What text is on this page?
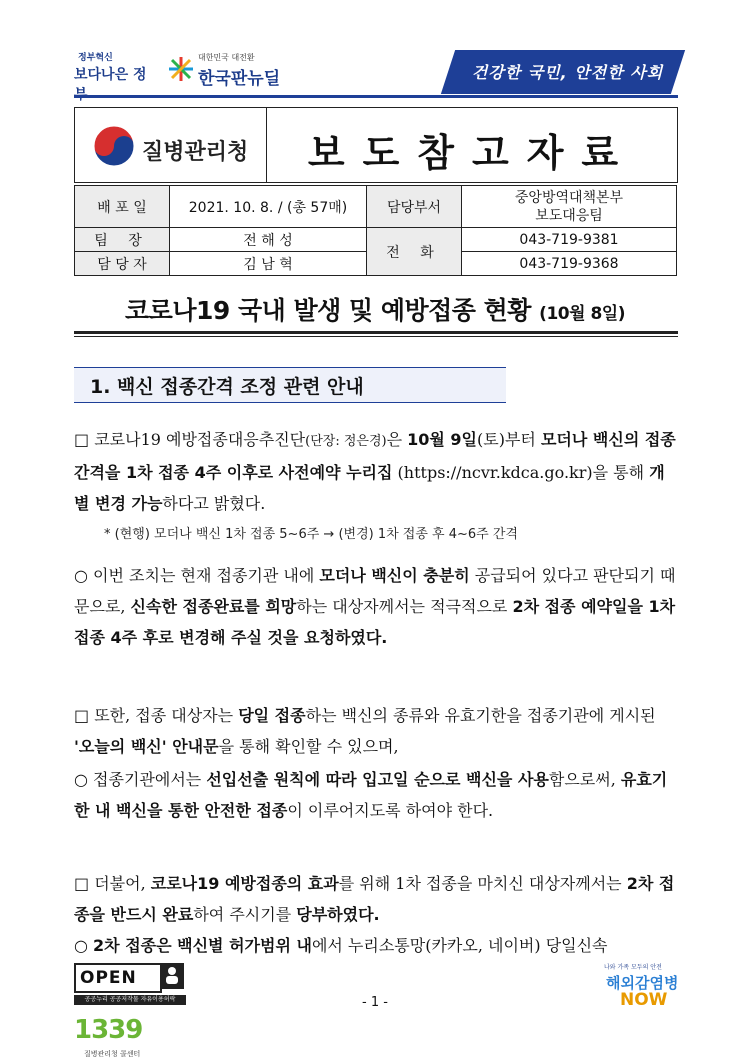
정부혁신
보다나은 정
대한민국 대전환
한국판뉴딜	건강한 국민, 안전한 사회
질병관리청	보도참고자료
배 포 일	2021. 10. 8. / (총 57매)	담당부서	중앙방역대책본부
보도대응팀

팀 장	전 해 성	전 화	043-719-9381
담 당 자	김 남 혁		043-719-9368
코로나19 국내 발생 및 예방접종 현황 (10월 8일)
1. 백신 접종간격 조정 관련 안내
□ 코로나19 예방접종대응추진단(단장: 정은경)은 10월 9일(토)부터 모더나 백신의 접종간격을 1차 접종 4주 이후로 사전예약 누리집 (https://ncvr.kdca.go.kr)을 통해 개별 변경 가능하다고 밝혔다.
* (현행) 모더나 백신 1차 접종 5~6주 → (변경) 1차 접종 후 4~6주 간격
○ 이번 조치는 현재 접종기관 내에 모더나 백신이 충분히 공급되어 있다고 판단되기 때문으로, 신속한 접종완료를 희망하는 대상자께서는 적극적으로 2차 접종 예약일을 1차 접종 4주 후로 변경해 주실 것을 요청하였다.
□ 또한, 접종 대상자는 당일 접종하는 백신의 종류와 유효기한을 접종기관에 게시된 '오늘의 백신' 안내문을 통해 확인할 수 있으며,
○ 접종기관에서는 선입선출 원칙에 따라 입고일 순으로 백신을 사용함으로써, 유효기한 내 백신을 통한 안전한 접종이 이루어지도록 하여야 한다.
□ 더불어, 코로나19 예방접종의 효과를 위해 1차 접종을 마치신 대상자께서는 2차 접종을 반드시 완료하여 주시기를 당부하였다.
○ 2차 접종은 백신별 허가범위 내에서 누리소통망(카카오, 네이버) 당일신속
OPEN
공공누리 공공저작물 자유이용허락	- 1 -
나와 가족 모두의 안전
해외감염병
NOW
1339
질병관리청 콜센터
